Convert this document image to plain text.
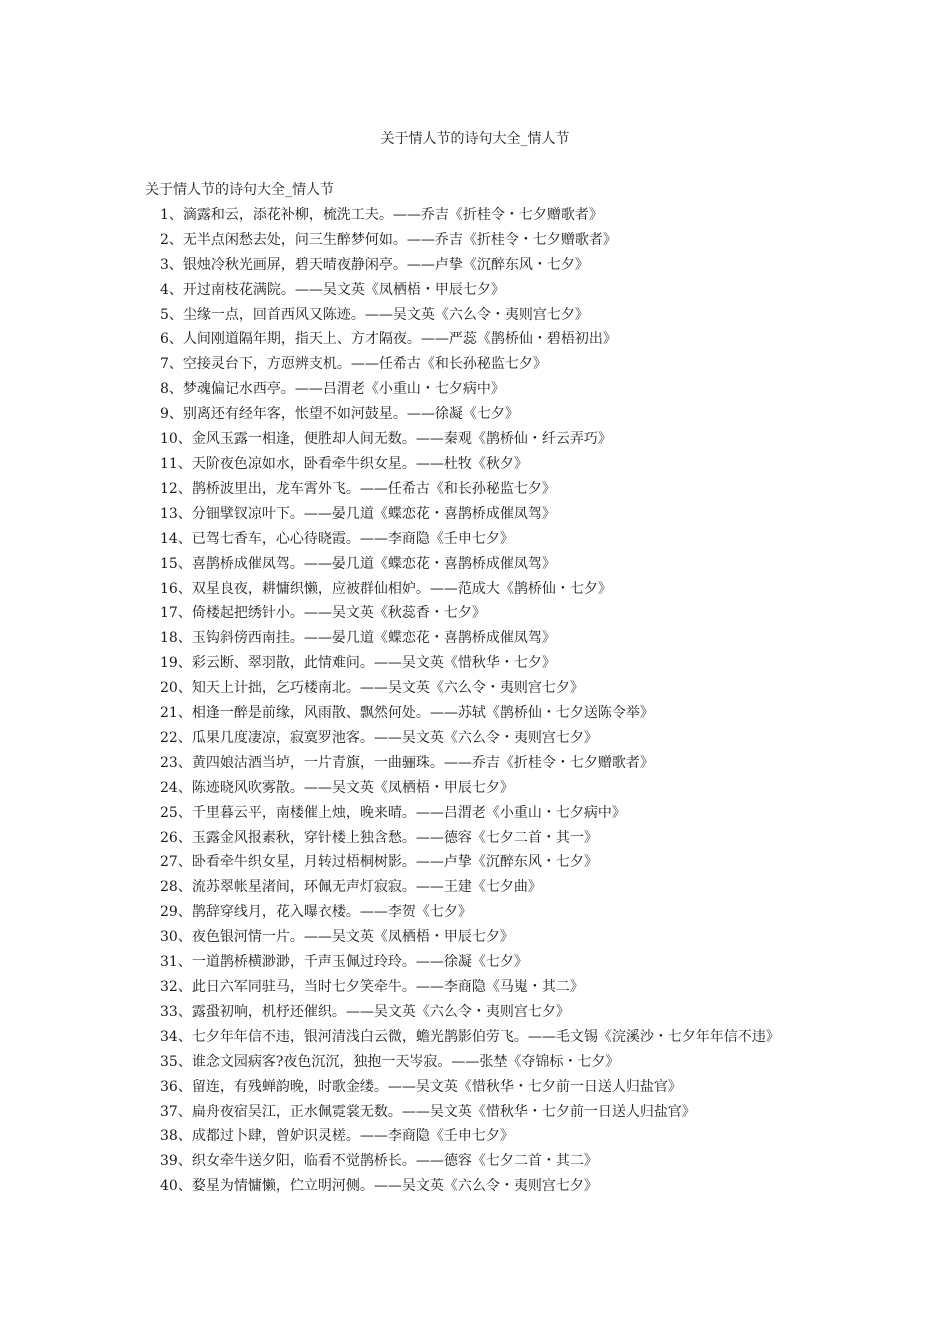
关于情人节的诗句大全_情人节

关于情人节的诗句大全_情人节

1、滴露和云，添花补柳，梳洗工夫。——乔吉《折桂令・七夕赠歌者》
2、无半点闲愁去处，问三生醉梦何如。——乔吉《折桂令・七夕赠歌者》
3、银烛冷秋光画屏，碧天晴夜静闲亭。——卢挚《沉醉东风・七夕》
4、开过南枝花满院。——吴文英《凤栖梧・甲辰七夕》
5、尘缘一点，回首西风又陈迹。——吴文英《六么令・夷则宫七夕》
6、人间刚道隔年期，指天上、方才隔夜。——严蕊《鹊桥仙・碧梧初出》
7、空接灵台下，方恧辨支机。——任希古《和长孙秘监七夕》
8、梦魂偏记水西亭。——吕渭老《小重山・七夕病中》
9、别离还有经年客，怅望不如河鼓星。——徐凝《七夕》
10、金风玉露一相逢，便胜却人间无数。——秦观《鹊桥仙・纤云弄巧》
11、天阶夜色凉如水，卧看牵牛织女星。——杜牧《秋夕》
12、鹊桥波里出，龙车霄外飞。——任希古《和长孙秘监七夕》
13、分钿擘钗凉叶下。——晏几道《蝶恋花・喜鹊桥成催凤驾》
14、已驾七香车，心心待晓霞。——李商隐《壬申七夕》
15、喜鹊桥成催凤驾。——晏几道《蝶恋花・喜鹊桥成催凤驾》
16、双星良夜，耕慵织懒，应被群仙相妒。——范成大《鹊桥仙・七夕》
17、倚楼起把绣针小。——吴文英《秋蕊香・七夕》
18、玉钩斜傍西南挂。——晏几道《蝶恋花・喜鹊桥成催凤驾》
19、彩云断、翠羽散，此情难问。——吴文英《惜秋华・七夕》
20、知天上计拙，乞巧楼南北。——吴文英《六么令・夷则宫七夕》
21、相逢一醉是前缘，风雨散、飘然何处。——苏轼《鹊桥仙・七夕送陈令举》
22、瓜果几度凄凉，寂寞罗池客。——吴文英《六么令・夷则宫七夕》
23、黄四娘沽酒当垆，一片青旗，一曲骊珠。——乔吉《折桂令・七夕赠歌者》
24、陈迹晓风吹雾散。——吴文英《凤栖梧・甲辰七夕》
25、千里暮云平，南楼催上烛，晚来晴。——吕渭老《小重山・七夕病中》
26、玉露金风报素秋，穿针楼上独含愁。——德容《七夕二首・其一》
27、卧看牵牛织女星，月转过梧桐树影。——卢挚《沉醉东风・七夕》
28、流苏翠帐星渚间，环佩无声灯寂寂。——王建《七夕曲》
29、鹊辞穿线月，花入曝衣楼。——李贺《七夕》
30、夜色银河情一片。——吴文英《凤栖梧・甲辰七夕》
31、一道鹊桥横渺渺，千声玉佩过玲玲。——徐凝《七夕》
32、此日六军同驻马，当时七夕笑牵牛。——李商隐《马嵬・其二》
33、露蛩初响，机杼还催织。——吴文英《六么令・夷则宫七夕》
34、七夕年年信不违，银河清浅白云微，蟾光鹊影伯劳飞。——毛文锡《浣溪沙・七夕年年信不违》
35、谁念文园病客?夜色沉沉，独抱一天岑寂。——张埜《夺锦标・七夕》
36、留连，有残蝉韵晚，时歌金缕。——吴文英《惜秋华・七夕前一日送人归盐官》
37、扁舟夜宿吴江，正水佩霓裳无数。——吴文英《惜秋华・七夕前一日送人归盐官》
38、成都过卜肆，曾妒识灵槎。——李商隐《壬申七夕》
39、织女牵牛送夕阳，临看不觉鹊桥长。——德容《七夕二首・其二》
40、婺星为情慵懒，伫立明河侧。——吴文英《六么令・夷则宫七夕》
